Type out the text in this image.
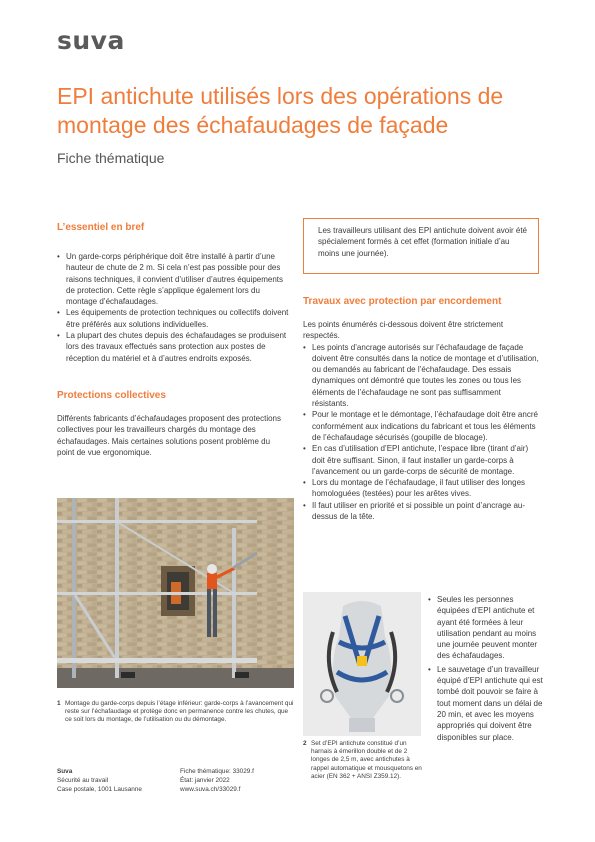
suva
EPI antichute utilisés lors des opérations de montage des échafaudages de façade
Fiche thématique
L’essentiel en bref
• Un garde-corps périphérique doit être installé à partir d’une hauteur de chute de 2 m. Si cela n’est pas possible pour des raisons techniques, il convient d’utiliser d’autres équipements de protection. Cette règle s’applique également lors du montage d’échafaudages.
• Les équipements de protection techniques ou collectifs doivent être préférés aux solutions individuelles.
• La plupart des chutes depuis des échafaudages se produisent lors des travaux effectués sans protection aux postes de réception du matériel et à d’autres endroits exposés.
Protections collectives

Différents fabricants d’échafaudages proposent des protections collectives pour les travailleurs chargés du montage des échafaudages. Mais certaines solutions posent problème du point de vue ergonomique.

1 Montage du garde-corps depuis l’étage inférieur: garde-corps à l’avancement qui reste sur l’échafaudage et protège donc en permanence contre les chutes, que ce soit lors du montage, de l’utilisation ou du démontage.

Les travailleurs utilisant des EPI antichute doivent avoir été spécialement formés à cet effet (formation initiale d’au moins une journée).

Travaux avec protection par encordement

Les points énumérés ci-dessous doivent être strictement respectés.

• Les points d’ancrage autorisés sur l’échafaudage de façade doivent être consultés dans la notice de montage et d’utilisation, ou demandés au fabricant de l’échafaudage. Des essais dynamiques ont démontré que toutes les zones ou tous les éléments de l’échafaudage ne sont pas suffisamment résistants.
• Pour le montage et le démontage, l’échafaudage doit être ancré conformément aux indications du fabricant et tous les éléments de l’échafaudage sécurisés (goupille de blocage).
• En cas d’utilisation d’EPI antichute, l’espace libre (tirant d’air) doit être suffisant. Sinon, il faut installer un garde-corps à l’avancement ou un garde-corps de sécurité de montage.
• Lors du montage de l’échafaudage, il faut utiliser des longes homologuées (testées) pour les arêtes vives.
• Il faut utiliser en priorité et si possible un point d’ancrage au-dessus de la tête.
2 Set d’EPI antichute constitué d’un harnais à émerillon double et de 2 longes de 2,5 m, avec antichutes à rappel automatique et mousquetons en acier (EN 362 + ANSI Z359.12).
• Seules les personnes équipées d’EPI antichute et ayant été formées à leur utilisation pendant au moins une journée peuvent monter des échafaudages.
• Le sauvetage d’un travailleur équipé d’EPI antichute qui est tombé doit pouvoir se faire à tout moment dans un délai de 20 min, et avec les moyens appropriés qui doivent être disponibles sur place.
Suva
Sécurité au travail
Case postale, 1001 Lausanne
Fiche thématique: 33029.f
État: janvier 2022
www.suva.ch/33029.f
